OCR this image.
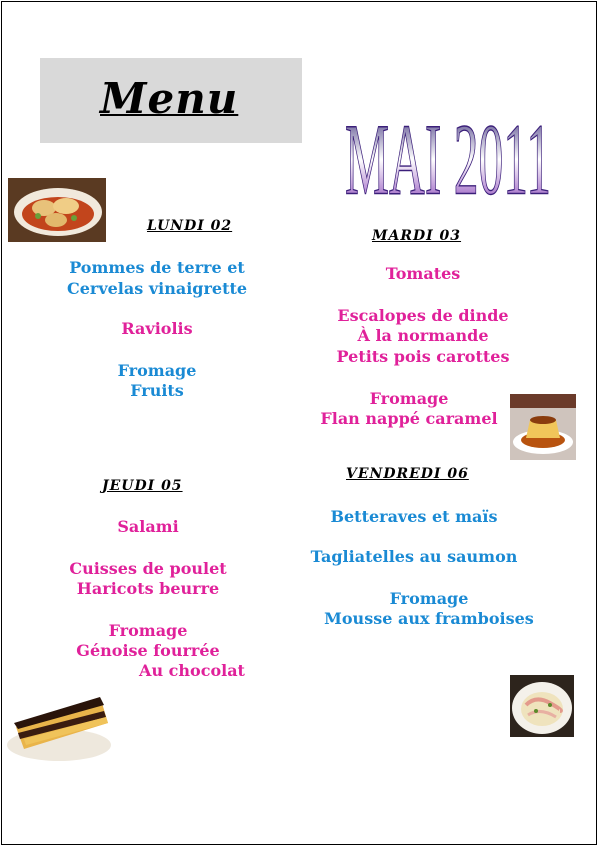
Menu
MAI 2011
LUNDI 02
Pommes de terre et
Cervelas vinaigrette
Raviolis
Fromage
Fruits
MARDI 03
Tomates
Escalopes de dinde
À la normande
Petits pois carottes
Fromage
Flan nappé caramel
JEUDI 05
Salami
Cuisses de poulet
Haricots beurre
Fromage
Génoise fourrée
Au chocolat
VENDREDI 06
Betteraves et maïs
Tagliatelles au saumon
Fromage
Mousse aux framboises
